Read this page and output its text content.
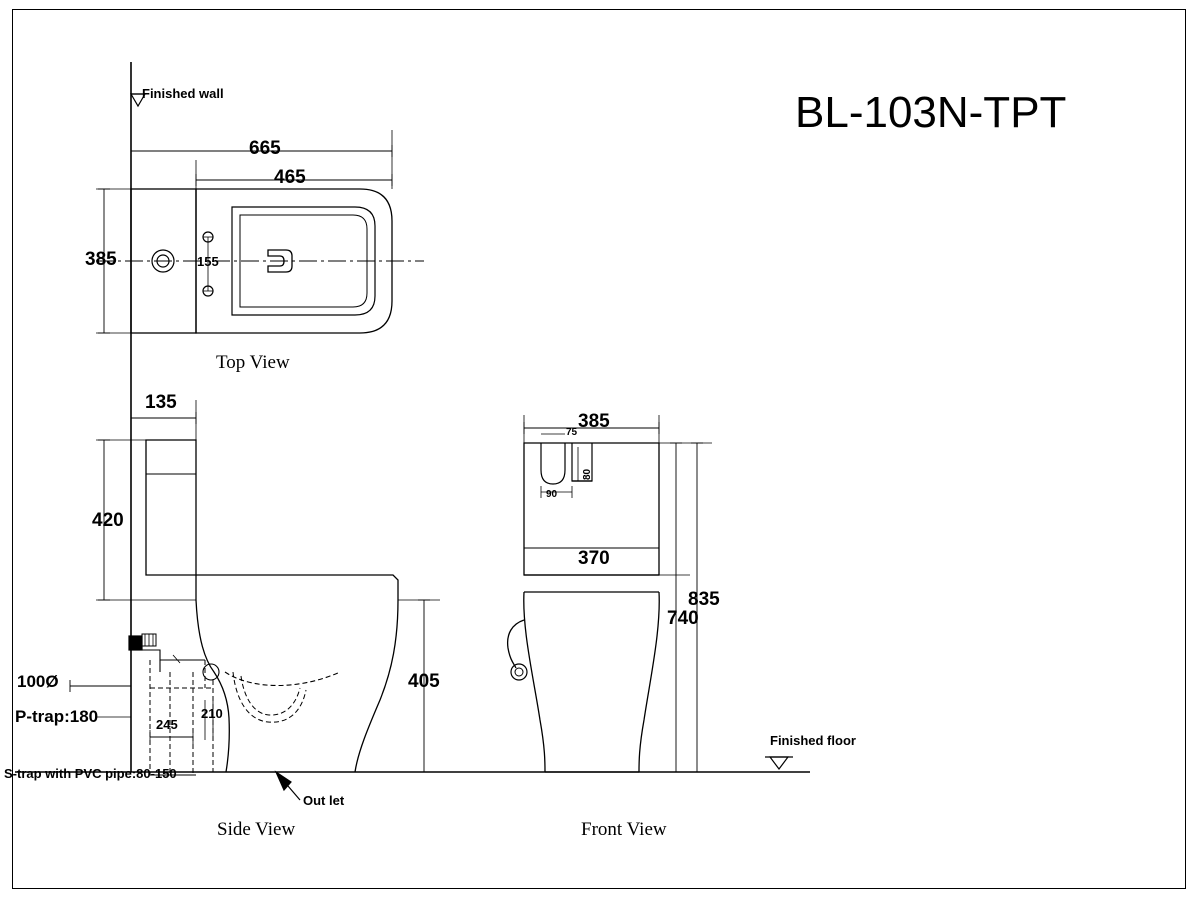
BL-103N-TPT
Finished wall
Finished floor
665
465
385	155
Top View
135
420
405
245
210
100Ø
P-trap:180
S-trap with PVC pipe:80-150
Out let
Side View
385
75
80
90
370
835
740
Front View
